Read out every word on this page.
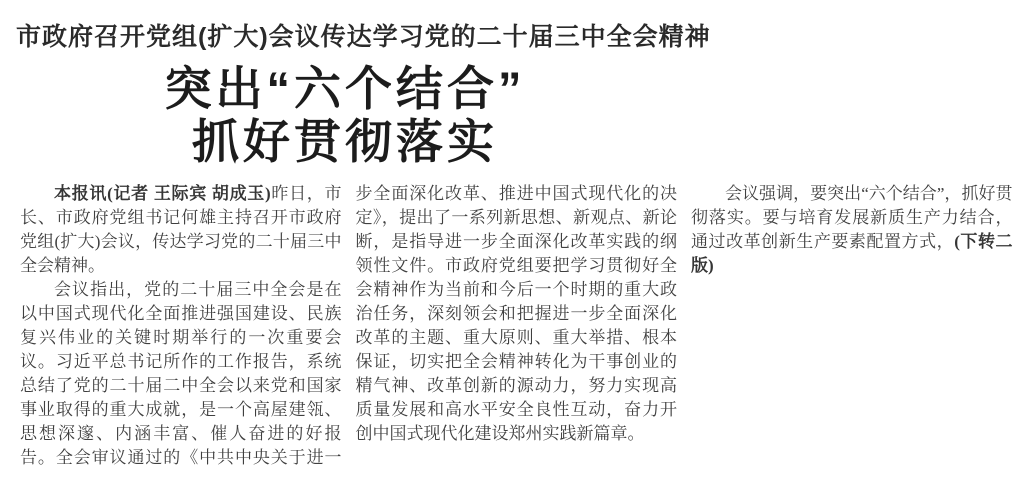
市政府召开党组(扩大)会议传达学习党的二十届三中全会精神
突出“六个结合”
抓好贯彻落实

本报讯(记者 王际宾 胡成玉)昨日，市长、市政府党组书记何雄主持召开市政府党组(扩大)会议，传达学习党的二十届三中全会精神。

会议指出，党的二十届三中全会是在以中国式现代化全面推进强国建设、民族复兴伟业的关键时期举行的一次重要会议。习近平总书记所作的工作报告，系统总结了党的二十届二中全会以来党和国家事业取得的重大成就，是一个高屋建瓴、思想深邃、内涵丰富、催人奋进的好报告。全会审议通过的《中共中央关于进一步全面深化改革、推进中国式现代化的决定》，提出了一系列新思想、新观点、新论断，是指导进一步全面深化改革实践的纲领性文件。市政府党组要把学习贯彻好全会精神作为当前和今后一个时期的重大政治任务，深刻领会和把握进一步全面深化改革的主题、重大原则、重大举措、根本保证，切实把全会精神转化为干事创业的精气神、改革创新的源动力，努力实现高质量发展和高水平安全良性互动，奋力开创中国式现代化建设郑州实践新篇章。

会议强调，要突出“六个结合”，抓好贯彻落实。要与培育发展新质生产力结合，通过改革创新生产要素配置方式，(下转二版)
